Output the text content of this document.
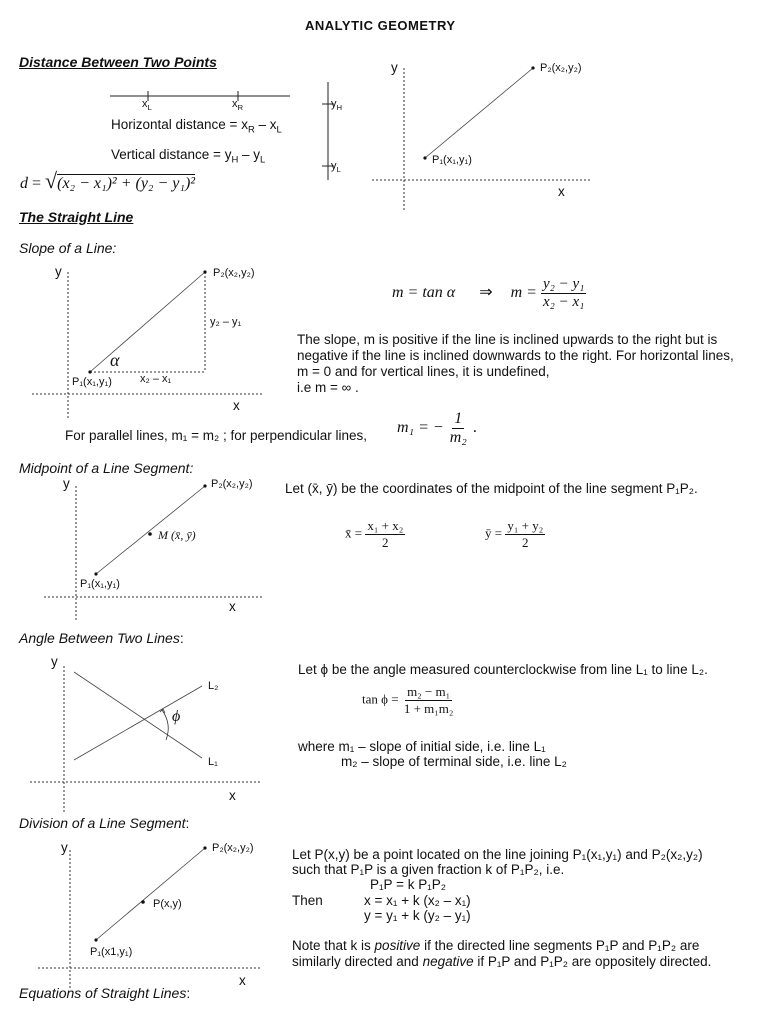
ANALYTIC GEOMETRY
Distance Between Two Points
$x_L$	$x_R$	$y_H$
$y_L$
Horizontal distance = $x_R - x_L$
Vertical distance = $y_H - y_L$
d = √(x₂ − x₁)² + (y₂ − y₁)²
y
x
P₂(x₂,y₂)
P₁(x₁,y₁)
The Straight Line
Slope of a Line:
y
x
P₂(x₂,y₂)
P₁(x₁,y₁)
y₂ – y₁
x₂ – x₁
α
m = tan α ⇒ $m = \frac{\text{y₂ − y₁}}{\text{x₂ − x₁}}$
The slope, m is positive if the line is inclined upwards to the right but is negative if the line is inclined downwards to the right. For horizontal lines, m = 0 and for vertical lines, it is undefined,
i.e m = ∞ .
For parallel lines, m₁ = m₂ ; for perpendicular lines, m₁ = − $\frac{1}{\text{m₂}}$ .
Midpoint of a Line Segment:
y
x
P₂(x₂,y₂)
P₁(x₁,y₁)
M (x̄, ȳ)
Let (x̄, ȳ) be the coordinates of the midpoint of the line segment P₁P₂.
x̄ = $\frac{\text{x₁ + x₂}}{2}$	ȳ = $\frac{\text{y₁ + y₂}}{2}$
Angle Between Two Lines:
y
x
L₂
L₁
ϕ
Let ϕ be the angle measured counterclockwise from line L₁ to line L₂.
$\tan \phi = \frac{\text{m₂ − m₁}}{\text{1 + m₁m₂}}$
where m₁ – slope of initial side, i.e. line L₁
m₂ – slope of terminal side, i.e. line L₂
Division of a Line Segment:
y
x
P₂(x₂,y₂)
P₁(x1,y₁)
P(x,y)
Let P(x,y) be a point located on the line joining P₁(x₁,y₁) and P₂(x₂,y₂)
such that P₁P is a given fraction k of P₁P₂, i.e.
P₁P = k P₁P₂
Then	x = x₁ + k (x₂ – x₁)
y = y₁ + k (y₂ – y₁)
Note that k is positive if the directed line segments P₁P and P₁P₂ are similarly directed and negative if P₁P and P₁P₂ are oppositely directed.
Equations of Straight Lines:
